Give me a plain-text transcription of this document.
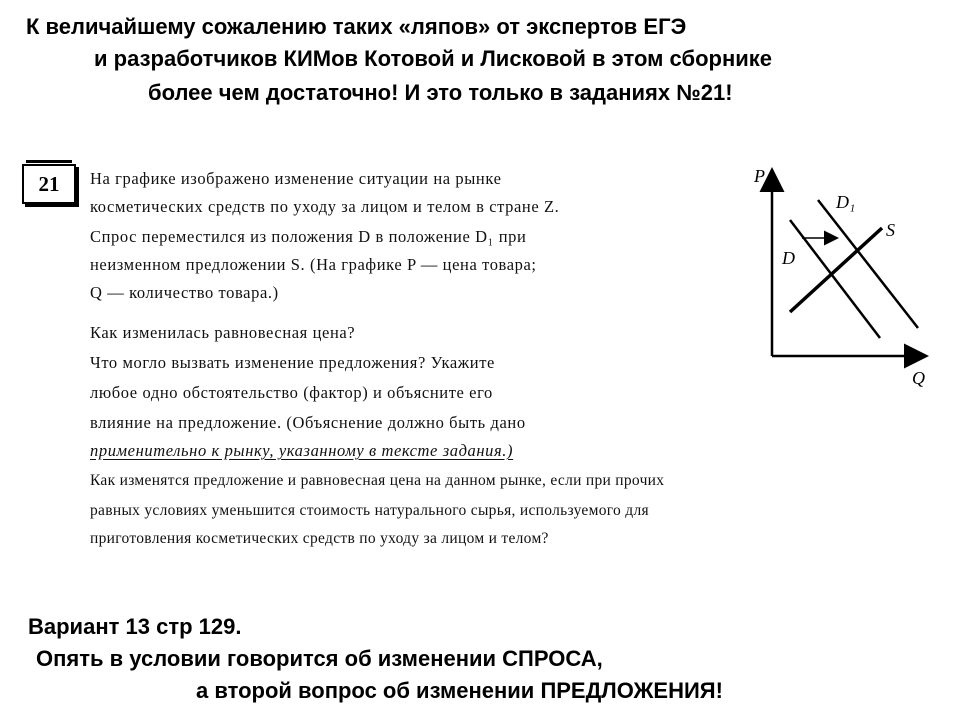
К величайшему сожалению таких «ляпов» от экспертов ЕГЭ
и разработчиков КИМов Котовой и Лисковой в этом сборнике
более чем достаточно! И это только в заданиях №21!
21	На графике изображено изменение ситуации на рынке
косметических средств по уходу за лицом и телом в стране Z.
Спрос переместился из положения D в положение D₁ при
неизменном предложении S. (На графике P — цена товара;
Q — количество товара.)
Как изменилась равновесная цена?
Что могло вызвать изменение предложения? Укажите
любое одно обстоятельство (фактор) и объясните его
влияние на предложение. (Объяснение должно быть дано
применительно к рынку, указанному в тексте задания.)
Как изменятся предложение и равновесная цена на данном рынке, если при прочих
равных условиях уменьшится стоимость натурального сырья, используемого для
приготовления косметических средств по уходу за лицом и телом?
P
Q
D
D₁
S
Вариант 13 стр 129.
Опять в условии говорится об изменении СПРОСА,
а второй вопрос об изменении ПРЕДЛОЖЕНИЯ!
